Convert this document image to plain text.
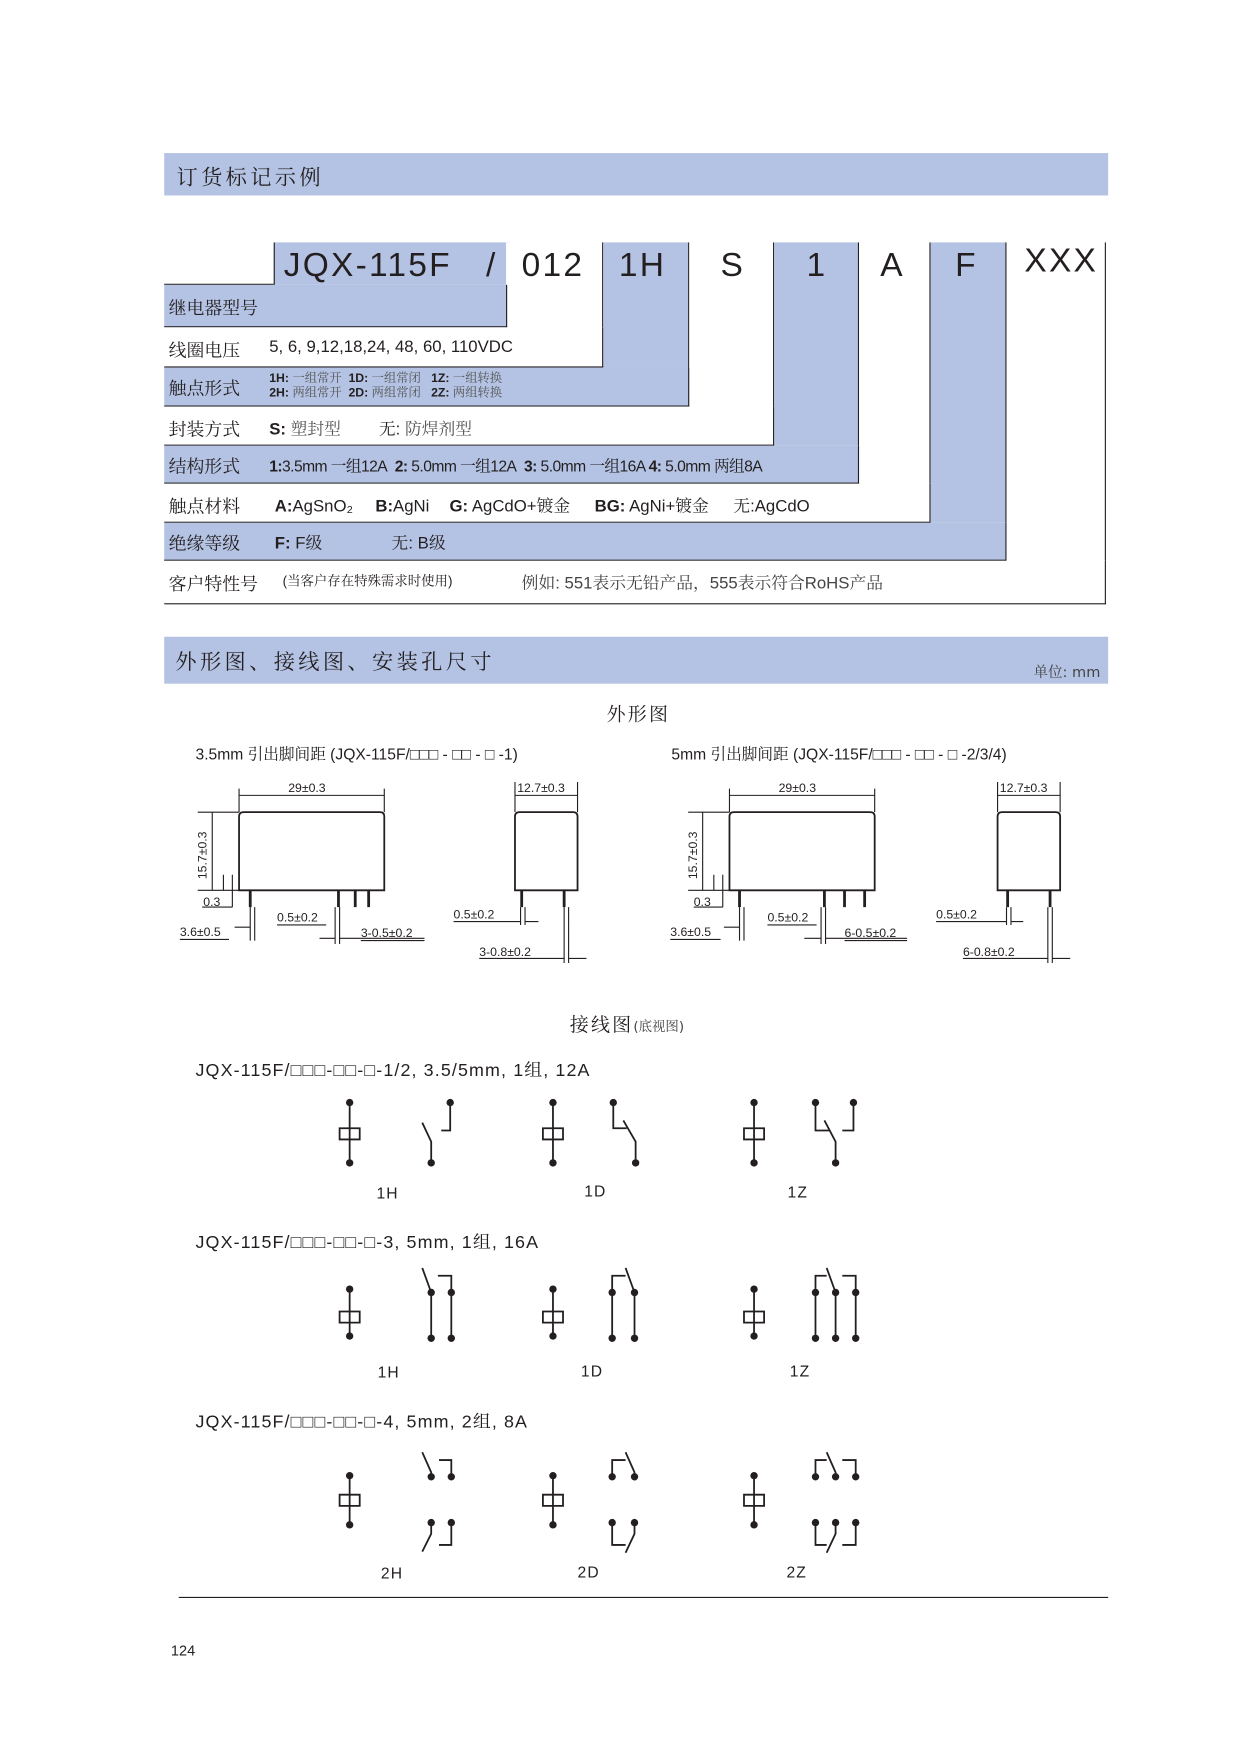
订货标记示例
JQX-115F / 012 1H S 1 A F XXX
继电器型号
线圈电压 5, 6, 9,12,18,24, 48, 60, 110VDC
触点形式	1H: 一组常开 1D: 一组常闭 1Z: 一组转换
2H: 两组常开 2D: 两组常闭 2Z: 两组转换
封装方式 S: 塑封型	无: 防焊剂型
结构形式 1:3.5mm 一组12A 2: 5.0mm 一组12A 3: 5.0mm 一组16A 4: 5.0mm 两组8A
触点材料 A:AgSnO₂ B:AgNi G: AgCdO+镀金 BG: AgNi+镀金 无:AgCdO
绝缘等级 F: F级	无: B级
客户特性号 (当客户存在特殊需求时使用)	例如: 551表示无铅产品，555表示符合RoHS产品
外形图、接线图、安装孔尺寸	单位: mm
外形图
3.5mm 引出脚间距 (JQX-115F/□□□ - □□ - □ -1)	5mm 引出脚间距 (JQX-115F/□□□ - □□ - □ -2/3/4)
29±0.3
15.7±0.3
0.3
3.6±0.5
0.5±0.2
3-0.5±0.2
12.7±0.3
0.5±0.2
3-0.8±0.2
29±0.3
15.7±0.3
0.3
3.6±0.5
0.5±0.2
6-0.5±0.2
12.7±0.3
0.5±0.2
6-0.8±0.2
接线图(底视图)
JQX-115F/□□□-□□-□-1/2, 3.5/5mm, 1组, 12A
1H	1D	1Z
JQX-115F/□□□-□□-□-3, 5mm, 1组, 16A
1H	1D	1Z
JQX-115F/□□□-□□-□-4, 5mm, 2组, 8A
2H	2D	2Z
124
